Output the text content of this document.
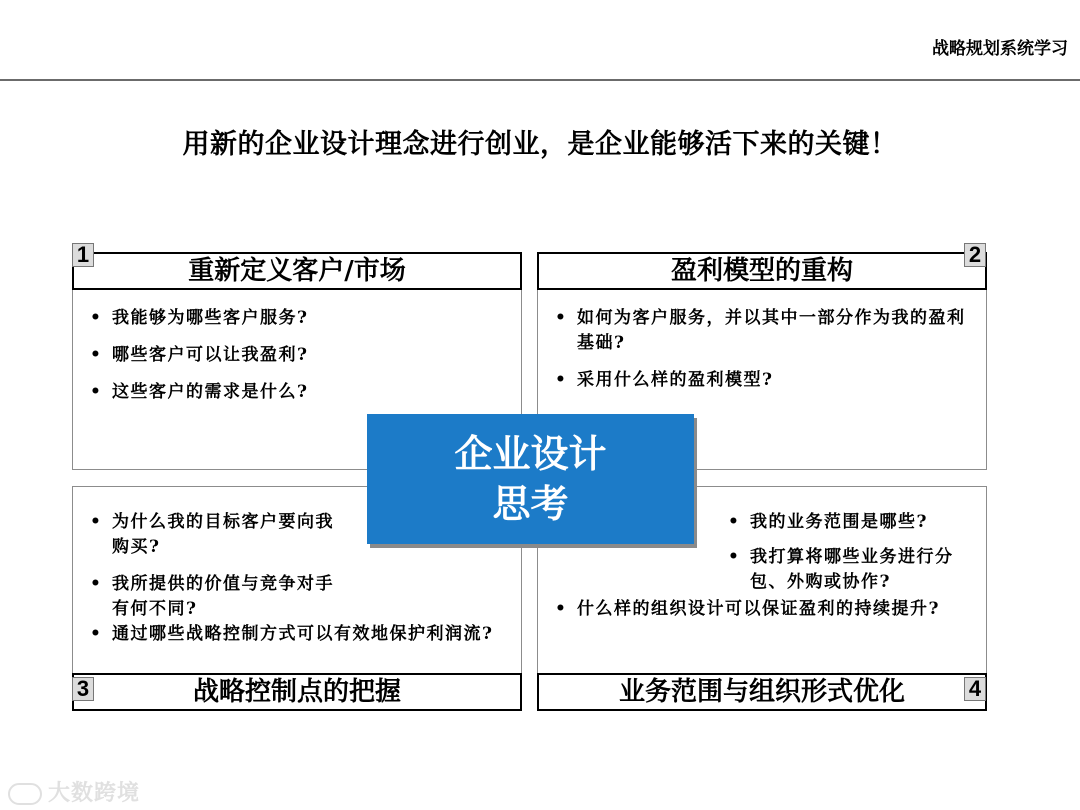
战略规划系统学习
用新的企业设计理念进行创业，是企业能够活下来的关键！
重新定义客户/市场
1
• 我能够为哪些客户服务?
• 哪些客户可以让我盈利?
• 这些客户的需求是什么?
盈利模型的重构
2
• 如何为客户服务，并以其中一部分作为我的盈利基础?
• 采用什么样的盈利模型?
• 为什么我的目标客户要向我购买?
• 我所提供的价值与竞争对手有何不同?
• 通过哪些战略控制方式可以有效地保护利润流?
战略控制点的把握
3
• 我的业务范围是哪些?
• 我打算将哪些业务进行分包、外购或协作?
• 什么样的组织设计可以保证盈利的持续提升?
业务范围与组织形式优化	4
企业设计
思考
大数跨境
